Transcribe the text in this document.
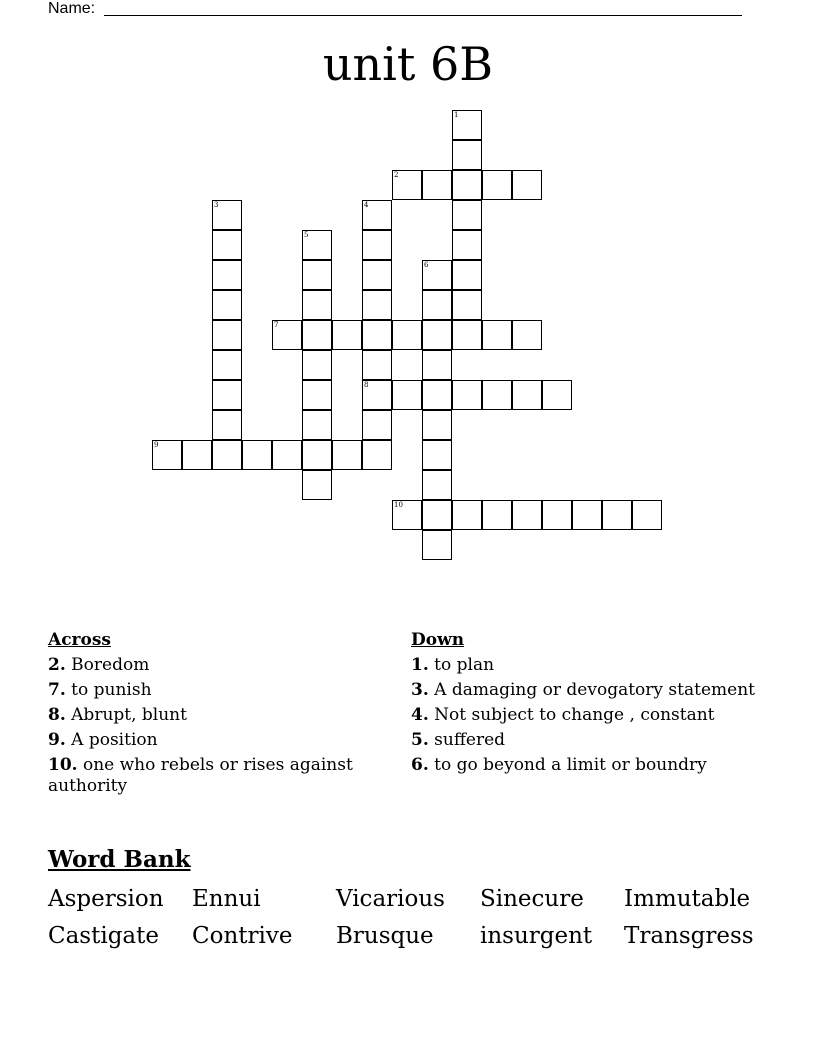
Name:
unit 6B
2
7
8
9
10
1
3	4
5
6
Across
2. Boredom
7. to punish
8. Abrupt, blunt
9. A position
10. one who rebels or rises against authority
Down
1. to plan
3. A damaging or devogatory statement
4. Not subject to change , constant
5. suffered
6. to go beyond a limit or boundry
Word Bank
Aspersion Ennui	Vicarious Sinecure Immutable
Castigate Contrive Brusque insurgent Transgress
